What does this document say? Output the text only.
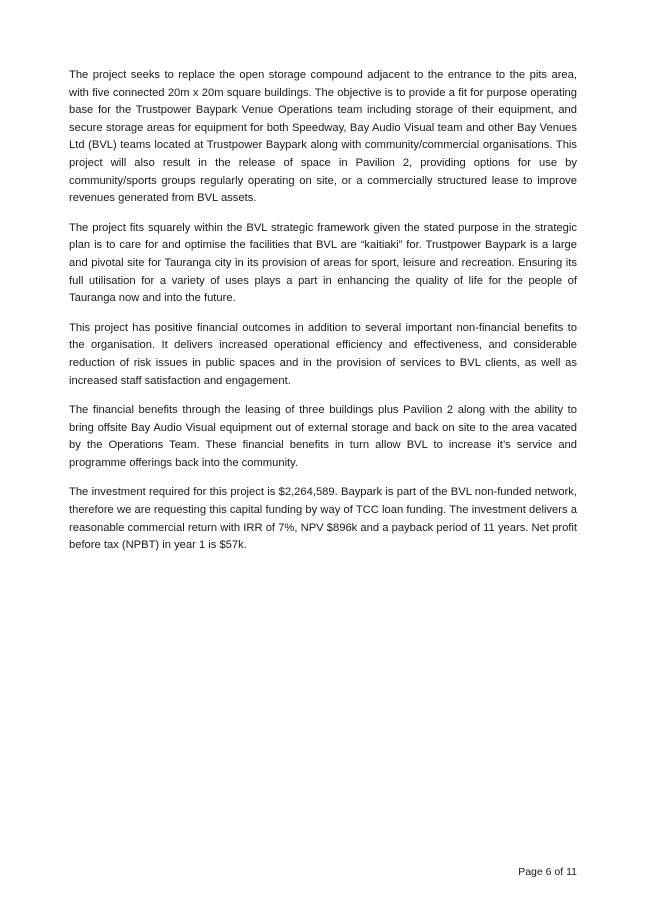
The project seeks to replace the open storage compound adjacent to the entrance to the pits area, with five connected 20m x 20m square buildings. The objective is to provide a fit for purpose operating base for the Trustpower Baypark Venue Operations team including storage of their equipment, and secure storage areas for equipment for both Speedway, Bay Audio Visual team and other Bay Venues Ltd (BVL) teams located at Trustpower Baypark along with community/commercial organisations. This project will also result in the release of space in Pavilion 2, providing options for use by community/sports groups regularly operating on site, or a commercially structured lease to improve revenues generated from BVL assets.

The project fits squarely within the BVL strategic framework given the stated purpose in the strategic plan is to care for and optimise the facilities that BVL are “kaitiaki” for. Trustpower Baypark is a large and pivotal site for Tauranga city in its provision of areas for sport, leisure and recreation. Ensuring its full utilisation for a variety of uses plays a part in enhancing the quality of life for the people of Tauranga now and into the future.

This project has positive financial outcomes in addition to several important non-financial benefits to the organisation. It delivers increased operational efficiency and effectiveness, and considerable reduction of risk issues in public spaces and in the provision of services to BVL clients, as well as increased staff satisfaction and engagement.

The financial benefits through the leasing of three buildings plus Pavilion 2 along with the ability to bring offsite Bay Audio Visual equipment out of external storage and back on site to the area vacated by the Operations Team. These financial benefits in turn allow BVL to increase it’s service and programme offerings back into the community.

The investment required for this project is $2,264,589. Baypark is part of the BVL non-funded network, therefore we are requesting this capital funding by way of TCC loan funding. The investment delivers a reasonable commercial return with IRR of 7%, NPV $896k and a payback period of 11 years. Net profit before tax (NPBT) in year 1 is $57k.

Page 6 of 11
